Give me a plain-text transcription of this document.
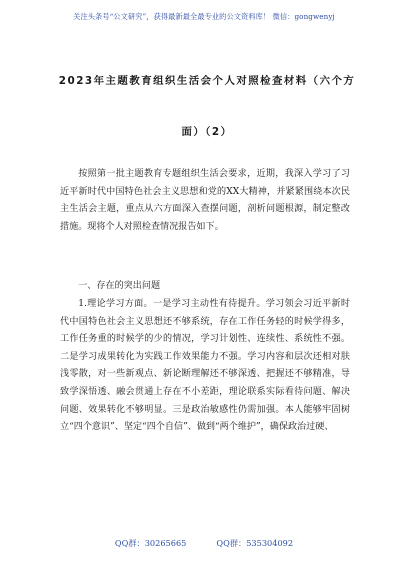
关注头条号“公文研究”，获得最新最全最专业的公文资料库！ 微信：gongwenyj
2023年主题教育组织生活会个人对照检查材料（六个方
面）（2）

按照第一批主题教育专题组织生活会要求，近期，我深入学习了习近平新时代中国特色社会主义思想和党的XX大精神，并紧紧围绕本次民主生活会主题，重点从六方面深入查摆问题，剖析问题根源，制定整改措施。现将个人对照检查情况报告如下。

一、存在的突出问题

1.理论学习方面。一是学习主动性有待提升。学习领会习近平新时代中国特色社会主义思想还不够系统，存在工作任务轻的时候学得多，工作任务重的时候学的少的情况，学习计划性、连续性、系统性不强。二是学习成果转化为实践工作效果能力不强。学习内容和层次还相对肤浅零散，对一些新观点、新论断理解还不够深透、把握还不够精准，导致学深悟透、融会贯通上存在不小差距，理论联系实际看待问题、解决问题、效果转化不够明显。三是政治敏感性仍需加强。本人能够牢固树立“四个意识”、坚定“四个自信”、做到“两个维护”，确保政治过硬、

QQ群：30265665	QQ群：535304092
